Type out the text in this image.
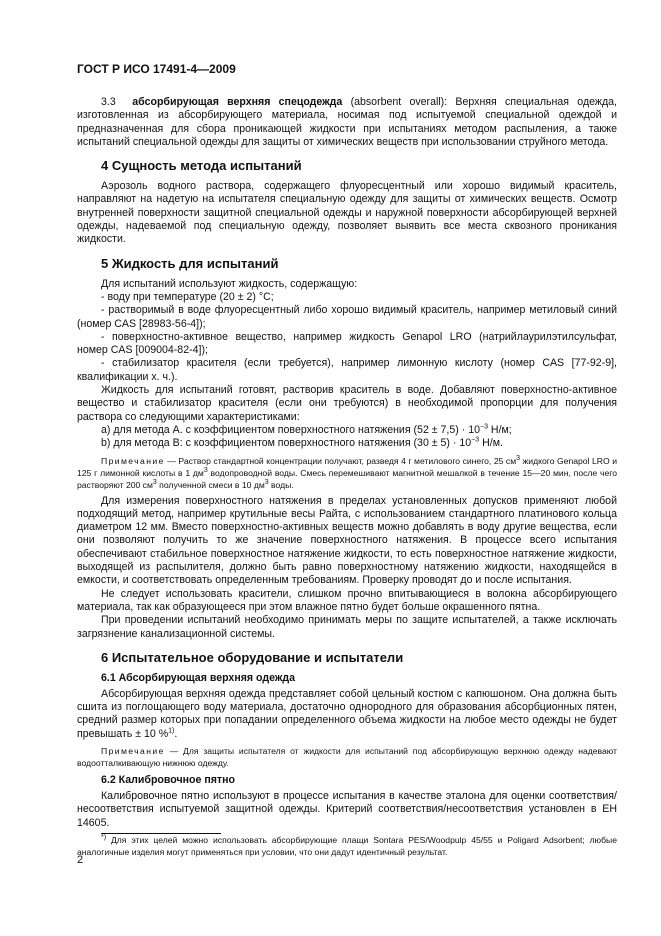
ГОСТ Р ИСО 17491-4—2009

3.3 абсорбирующая верхняя спецодежда (absorbent overall): Верхняя специальная одежда, изготовленная из абсорбирующего материала, носимая под испытуемой специальной одеждой и предназначенная для сбора проникающей жидкости при испытаниях методом распыления, а также испытаний специальной одежды для защиты от химических веществ при использовании струйного метода.

4 Сущность метода испытаний

Аэрозоль водного раствора, содержащего флуоресцентный или хорошо видимый краситель, направляют на надетую на испытателя специальную одежду для защиты от химических веществ. Осмотр внутренней поверхности защитной специальной одежды и наружной поверхности абсорбирующей верхней одежды, надеваемой под специальную одежду, позволяет выявить все места сквозного проникания жидкости.

5 Жидкость для испытаний

Для испытаний используют жидкость, содержащую:

- воду при температуре (20 ± 2) °С;

- растворимый в воде флуоресцентный либо хорошо видимый краситель, например метиловый синий (номер CAS [28983-56-4]);

- поверхностно-активное вещество, например жидкость Genapol LRO (натрийлаурилэтилсульфат, номер CAS [009004-82-4]);

- стабилизатор красителя (если требуется), например лимонную кислоту (номер CAS [77-92-9], квалификации х. ч.).

Жидкость для испытаний готовят, растворив краситель в воде. Добавляют поверхностно-активное вещество и стабилизатор красителя (если они требуются) в необходимой пропорции для получения раствора со следующими характеристиками:

а) для метода А. с коэффициентом поверхностного натяжения $(52 \pm 7,5) \cdot 10^{-3}$ Н/м;

b) для метода В: с коэффициентом поверхностного натяжения $(30 \pm 5) \cdot 10^{-3}$ Н/м.

Примечание — Раствор стандартной концентрации получают, разведя 4 г метилового синего, 25 $см^3$ жидкого Genapol LRO и 125 г лимонной кислоты в 1 $дм^3$ водопроводной воды. Смесь перемешивают магнитной мешалкой в течение 15—20 мин, после чего растворяют 200 $см^3$ полученной смеси в 10 $дм^3$ воды.

Для измерения поверхностного натяжения в пределах установленных допусков применяют любой подходящий метод, например крутильные весы Райта, с использованием стандартного платинового кольца диаметром 12 мм. Вместо поверхностно-активных веществ можно добавлять в воду другие вещества, если они позволяют получить то же значение поверхностного натяжения. В процессе всего испытания обеспечивают стабильное поверхностное натяжение жидкости, то есть поверхностное натяжение жидкости, выходящей из распылителя, должно быть равно поверхностному натяжению жидкости, находящейся в емкости, и соответствовать определенным требованиям. Проверку проводят до и после испытания.

Не следует использовать красители, слишком прочно впитывающиеся в волокна абсорбирующего материала, так как образующееся при этом влажное пятно будет больше окрашенного пятна.

При проведении испытаний необходимо принимать меры по защите испытателей, а также исключать загрязнение канализационной системы.

6 Испытательное оборудование и испытатели
6.1 Абсорбирующая верхняя одежда

Абсорбирующая верхняя одежда представляет собой цельный костюм с капюшоном. Она должна быть сшита из поглощающего воду материала, достаточно однородного для образования абсорбционных пятен, средний размер которых при попадании определенного объема жидкости на любое место одежды не будет превышать ± 10 %$^{1)}$.

Примечание — Для защиты испытателя от жидкости для испытаний под абсорбирующую верхнюю одежду надевают водоотталкивающую нижнюю одежду.

6.2 Калибровочное пятно

Калибровочное пятно используют в процессе испытания в качестве эталона для оценки соответствия/несоответствия испытуемой защитной одежды. Критерий соответствия/несоответствия установлен в ЕН 14605.

*) Для этих целей можно использовать абсорбирующие плащи Sontara PES/Woodpulp 45/55 и Poligard Adsorbent; любые аналогичные изделия могут применяться при условии, что они дадут идентичный результат.

2
